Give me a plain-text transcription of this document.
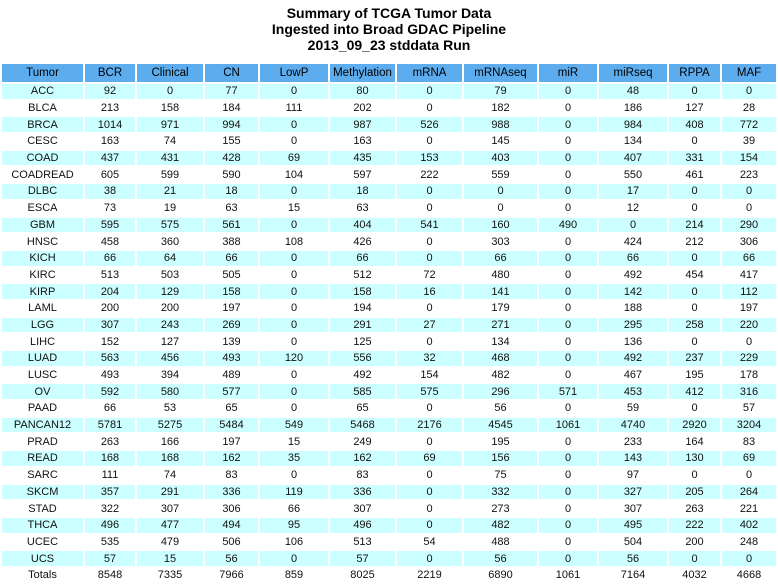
Summary of TCGA Tumor Data
Ingested into Broad GDAC Pipeline
2013_09_23 stddata Run
Tumor	BCR	Clinical	CN	LowP	Methylation	mRNA	mRNAseq	miR	miRseq	RPPA	MAF
ACC	92	0	77	0	80	0	79	0	48	0	0
BLCA	213	158	184	111	202	0	182	0	186	127	28
BRCA	1014	971	994	0	987	526	988	0	984	408	772
CESC	163	74	155	0	163	0	145	0	134	0	39
COAD	437	431	428	69	435	153	403	0	407	331	154
COADREAD	605	599	590	104	597	222	559	0	550	461	223
DLBC	38	21	18	0	18	0	0	0	17	0	0
ESCA	73	19	63	15	63	0	0	0	12	0	0
GBM	595	575	561	0	404	541	160	490	0	214	290
HNSC	458	360	388	108	426	0	303	0	424	212	306
KICH	66	64	66	0	66	0	66	0	66	0	66
KIRC	513	503	505	0	512	72	480	0	492	454	417
KIRP	204	129	158	0	158	16	141	0	142	0	112
LAML	200	200	197	0	194	0	179	0	188	0	197
LGG	307	243	269	0	291	27	271	0	295	258	220
LIHC	152	127	139	0	125	0	134	0	136	0	0
LUAD	563	456	493	120	556	32	468	0	492	237	229
LUSC	493	394	489	0	492	154	482	0	467	195	178
OV	592	580	577	0	585	575	296	571	453	412	316
PAAD	66	53	65	0	65	0	56	0	59	0	57
PANCAN12	5781	5275	5484	549	5468	2176	4545	1061	4740	2920	3204
PRAD	263	166	197	15	249	0	195	0	233	164	83
READ	168	168	162	35	162	69	156	0	143	130	69
SARC	111	74	83	0	83	0	75	0	97	0	0
SKCM	357	291	336	119	336	0	332	0	327	205	264
STAD	322	307	306	66	307	0	273	0	307	263	221
THCA	496	477	494	95	496	0	482	0	495	222	402
UCEC	535	479	506	106	513	54	488	0	504	200	248
UCS	57	15	56	0	57	0	56	0	56	0	0
Totals	8548	7335	7966	859	8025	2219	6890	1061	7164	4032	4668
